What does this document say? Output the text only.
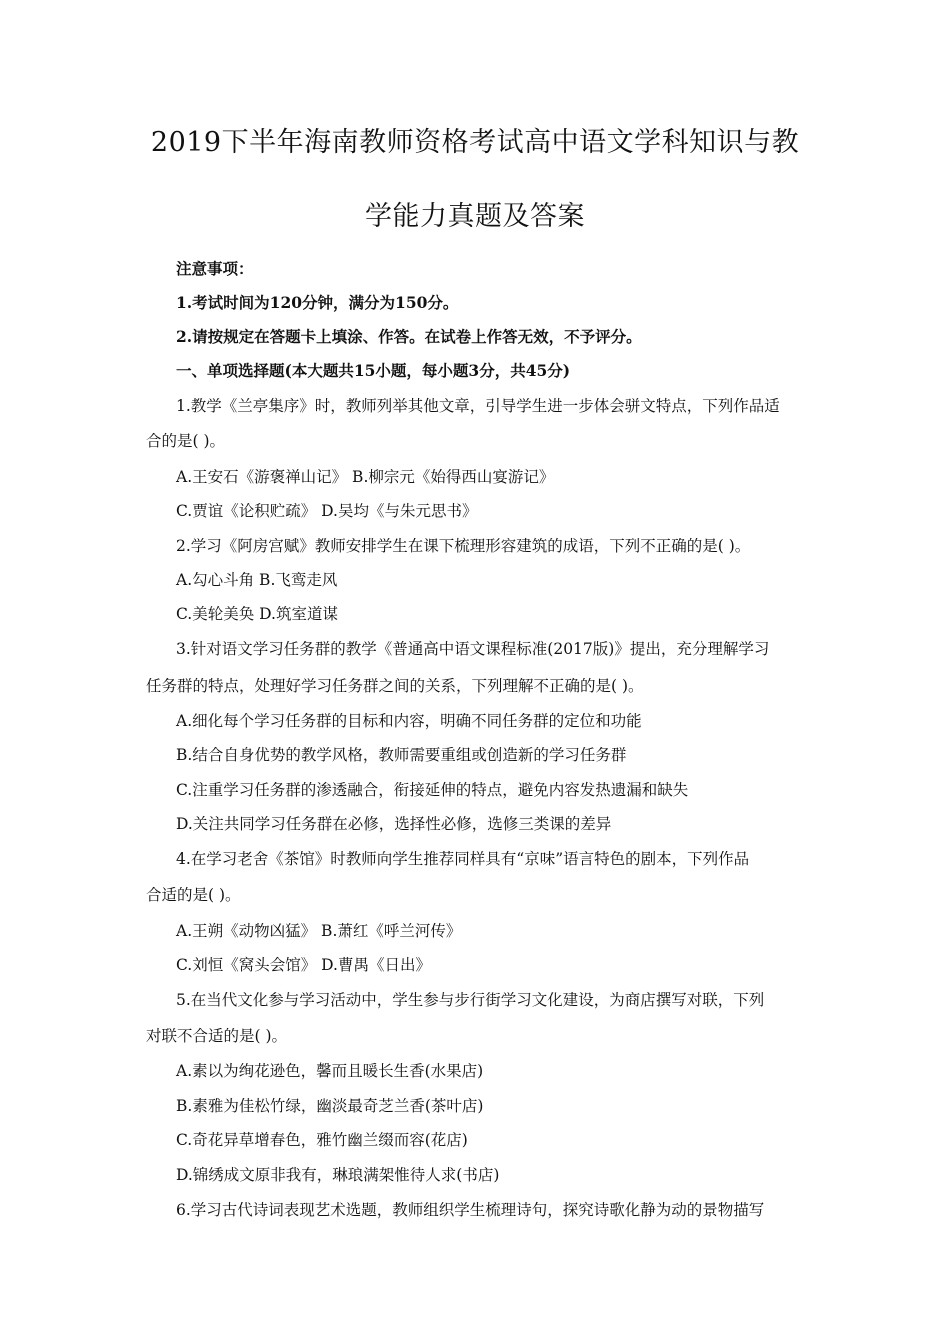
2019下半年海南教师资格考试高中语文学科知识与教
学能力真题及答案
注意事项：
1.考试时间为120分钟，满分为150分。
2.请按规定在答题卡上填涂、作答。在试卷上作答无效，不予评分。
一、单项选择题(本大题共15小题，每小题3分，共45分)
1.教学《兰亭集序》时，教师列举其他文章，引导学生进一步体会骈文特点，下列作品适
合的是( )。
A.王安石《游褒禅山记》 B.柳宗元《始得西山宴游记》
C.贾谊《论积贮疏》 D.吴均《与朱元思书》
2.学习《阿房宫赋》教师安排学生在课下梳理形容建筑的成语，下列不正确的是( )。
A.勾心斗角 B.飞鸾走风
C.美轮美奂 D.筑室道谋
3.针对语文学习任务群的教学《普通高中语文课程标准(2017版)》提出，充分理解学习
任务群的特点，处理好学习任务群之间的关系，下列理解不正确的是( )。
A.细化每个学习任务群的目标和内容，明确不同任务群的定位和功能
B.结合自身优势的教学风格，教师需要重组或创造新的学习任务群
C.注重学习任务群的渗透融合，衔接延伸的特点，避免内容发热遗漏和缺失
D.关注共同学习任务群在必修，选择性必修，选修三类课的差异
4.在学习老舍《茶馆》时教师向学生推荐同样具有“京味”语言特色的剧本，下列作品
合适的是( )。
A.王朔《动物凶猛》 B.萧红《呼兰河传》
C.刘恒《窝头会馆》 D.曹禺《日出》
5.在当代文化参与学习活动中，学生参与步行街学习文化建设，为商店撰写对联，下列
对联不合适的是( )。
A.素以为绚花逊色，馨而且暖长生香(水果店)
B.素雅为佳松竹绿，幽淡最奇芝兰香(茶叶店)
C.奇花异草增春色，雅竹幽兰缀而容(花店)
D.锦绣成文原非我有，琳琅满架惟待人求(书店)
6.学习古代诗词表现艺术选题，教师组织学生梳理诗句，探究诗歌化静为动的景物描写
